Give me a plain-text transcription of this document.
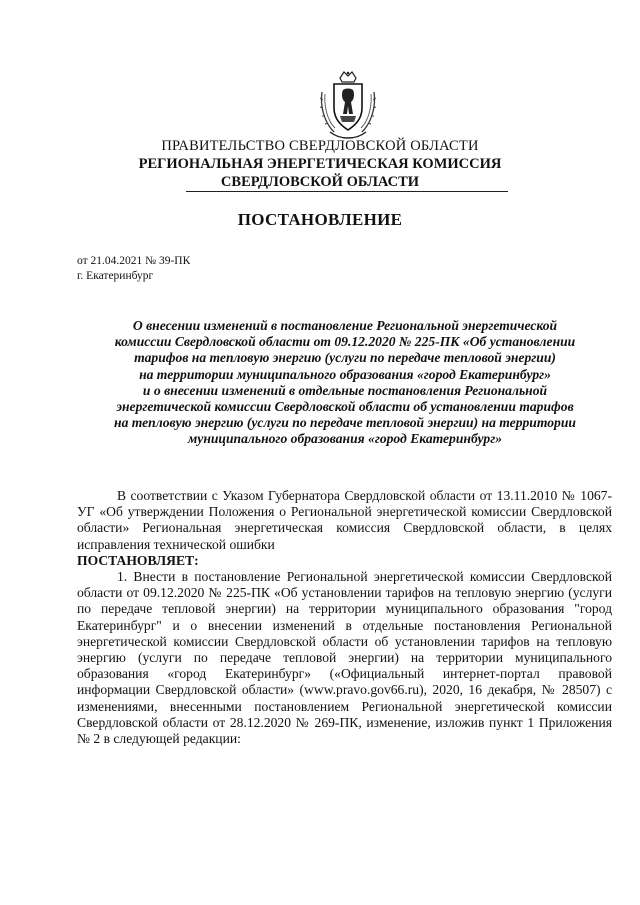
ПРАВИТЕЛЬСТВО СВЕРДЛОВСКОЙ ОБЛАСТИ
РЕГИОНАЛЬНАЯ ЭНЕРГЕТИЧЕСКАЯ КОМИССИЯ
СВЕРДЛОВСКОЙ ОБЛАСТИ
ПОСТАНОВЛЕНИЕ
от 21.04.2021 № 39-ПК
г. Екатеринбург
О внесении изменений в постановление Региональной энергетической
комиссии Свердловской области от 09.12.2020 № 225-ПК «Об установлении
тарифов на тепловую энергию (услуги по передаче тепловой энергии)
на территории муниципального образования «город Екатеринбург»
и о внесении изменений в отдельные постановления Региональной
энергетической комиссии Свердловской области об установлении тарифов
на тепловую энергию (услуги по передаче тепловой энергии) на территории
муниципального образования «город Екатеринбург»

В соответствии с Указом Губернатора Свердловской области от 13.11.2010 № 1067-УГ «Об утверждении Положения о Региональной энергетической комиссии Свердловской области» Региональная энергетическая комиссия Свердловской области, в целях исправления технической ошибки

ПОСТАНОВЛЯЕТ:

1. Внести в постановление Региональной энергетической комиссии Свердловской области от 09.12.2020 № 225-ПК «Об установлении тарифов на тепловую энергию (услуги по передаче тепловой энергии) на территории муниципального образования "город Екатеринбург" и о внесении изменений в отдельные постановления Региональной энергетической комиссии Свердловской области об установлении тарифов на тепловую энергию (услуги по передаче тепловой энергии) на территории муниципального образования «город Екатеринбург» («Официальный интернет-портал правовой информации Свердловской области» (www.pravo.gov66.ru), 2020, 16 декабря, № 28507) с изменениями, внесенными постановлением Региональной энергетической комиссии Свердловской области от 28.12.2020 № 269-ПК, изменение, изложив пункт 1 Приложения № 2 в следующей редакции:
